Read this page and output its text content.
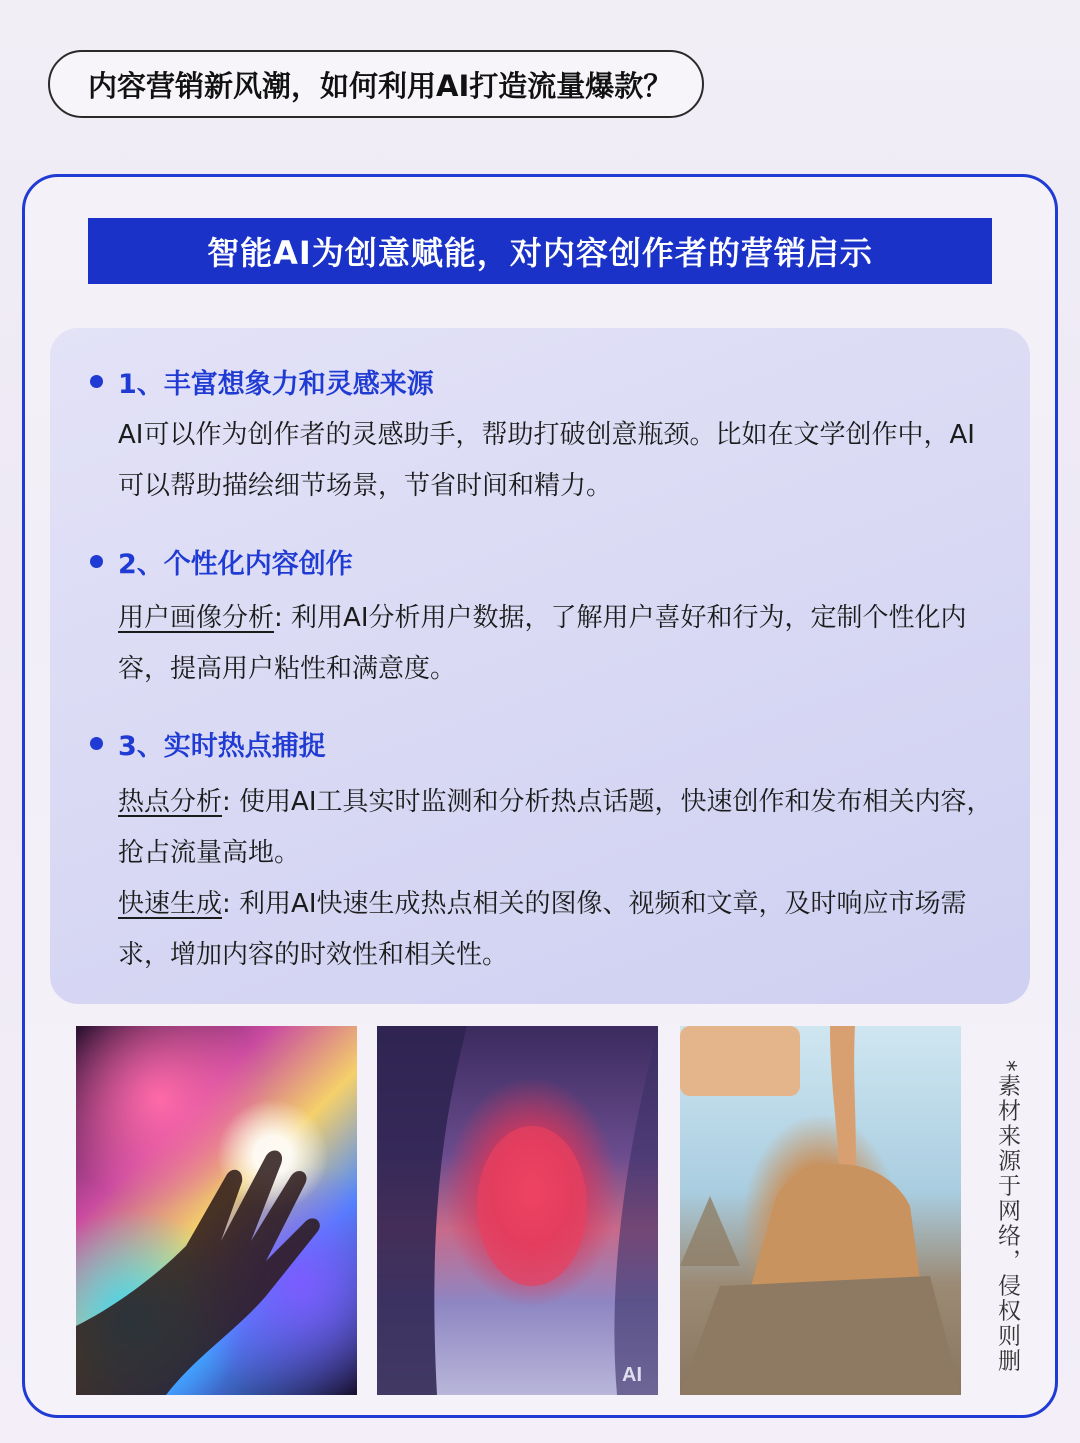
内容营销新风潮，如何利用AI打造流量爆款？
智能AI为创意赋能，对内容创作者的营销启示
1、丰富想象力和灵感来源
AI可以作为创作者的灵感助手，帮助打破创意瓶颈。比如在文学创作中，AI可以帮助描绘细节场景，节省时间和精力。
2、个性化内容创作
用户画像分析: 利用AI分析用户数据，了解用户喜好和行为，定制个性化内容，提高用户粘性和满意度。
3、实时热点捕捉
热点分析: 使用AI工具实时监测和分析热点话题，快速创作和发布相关内容，抢占流量高地。
快速生成: 利用AI快速生成热点相关的图像、视频和文章，及时响应市场需求，增加内容的时效性和相关性。
AI
*素材来源于网络，侵权则删
